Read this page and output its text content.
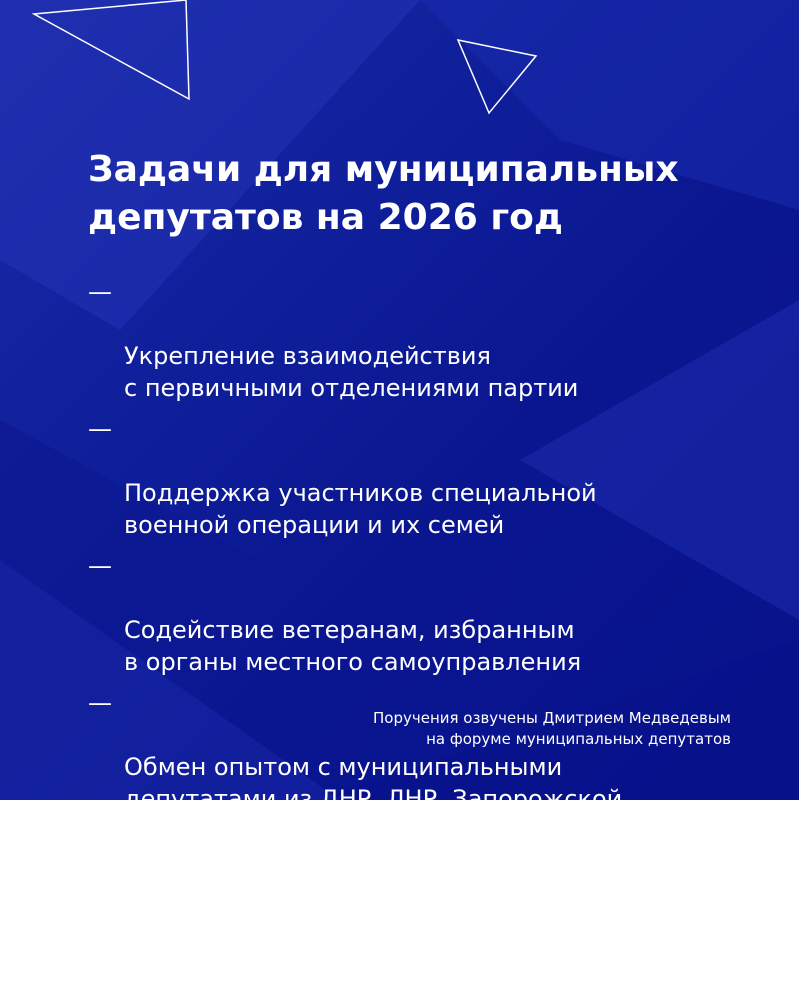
Задачи для муниципальных
депутатов на 2026 год

—

Укрепление взаимодействия
с первичными отделениями партии

—

Поддержка участников специальной
военной операции и их семей

—

Содействие ветеранам, избранным
в органы местного самоуправления

—

Обмен опытом с муниципальными
депутатами из ДНР, ЛНР, Запорожской
и Херсонской областей

—

Участие в сборе предложений
для обновления народной программы

Поручения озвучены Дмитрием Медведевым
на форуме муниципальных депутатов
